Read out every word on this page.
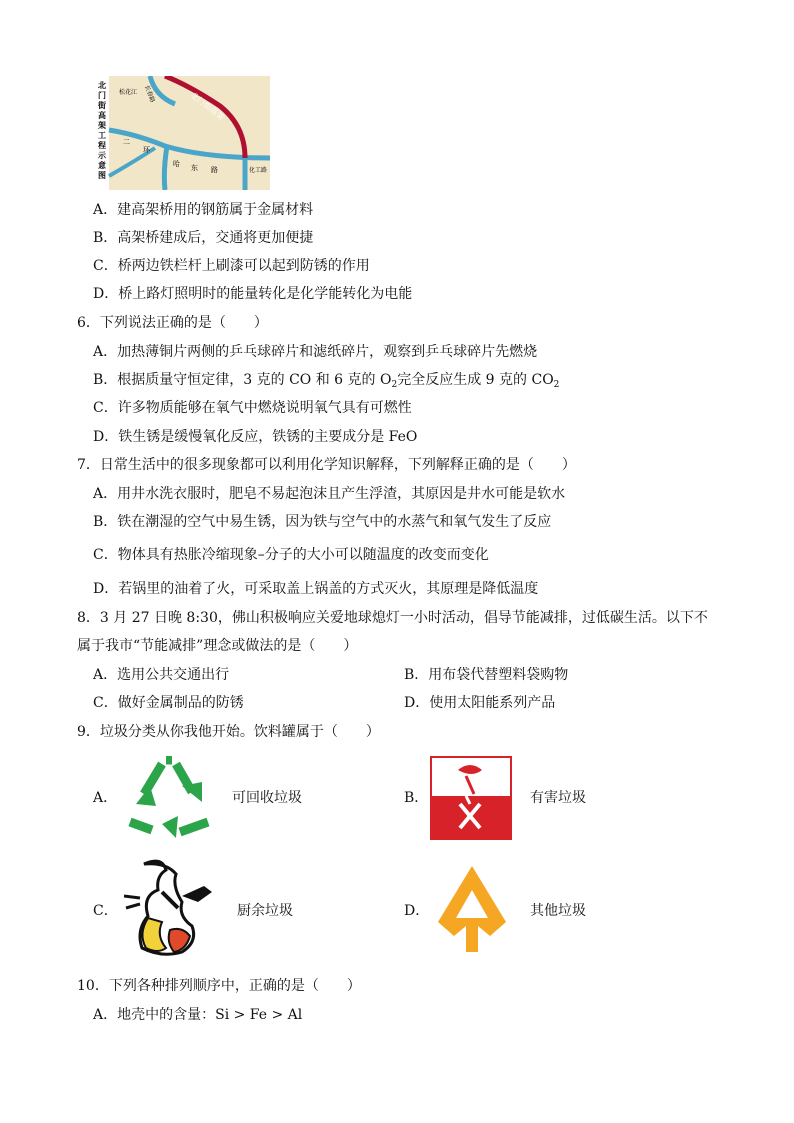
北 门 街 高 架 工 程 示 意 图
北门街高架
松花江 长春路
二
环
哈 东 路	化工路
A．建高架桥用的钢筋属于金属材料
B．高架桥建成后，交通将更加便捷
C．桥两边铁栏杆上刷漆可以起到防锈的作用
D．桥上路灯照明时的能量转化是化学能转化为电能
6．下列说法正确的是（　　）
A．加热薄铜片两侧的乒乓球碎片和滤纸碎片，观察到乒乓球碎片先燃烧
B．根据质量守恒定律，3 克的 CO 和 6 克的 $O_2$完全反应生成 9 克的 $CO_2$
C．许多物质能够在氧气中燃烧说明氧气具有可燃性
D．铁生锈是缓慢氧化反应，铁锈的主要成分是 FeO
7．日常生活中的很多现象都可以利用化学知识解释，下列解释正确的是（　　）
A．用井水洗衣服时，肥皂不易起泡沫且产生浮渣，其原因是井水可能是软水
B．铁在潮湿的空气中易生锈，因为铁与空气中的水蒸气和氧气发生了反应
C．物体具有热胀冷缩现象–分子的大小可以随温度的改变而变化
D．若锅里的油着了火，可采取盖上锅盖的方式灭火，其原理是降低温度
8．3 月 27 日晚 8:30，佛山积极响应关爱地球熄灯一小时活动，倡导节能减排，过低碳生活。以下不
属于我市“节能减排”理念或做法的是（　　）
A．选用公共交通出行	B．用布袋代替塑料袋购物
C．做好金属制品的防锈	D．使用太阳能系列产品
9．垃圾分类从你我他开始。饮料罐属于（　　）
A．	可回收垃圾	B．	有害垃圾
C．	厨余垃圾	D．	其他垃圾
10．下列各种排列顺序中，正确的是（　　）
A．地壳中的含量：Si > Fe > Al
